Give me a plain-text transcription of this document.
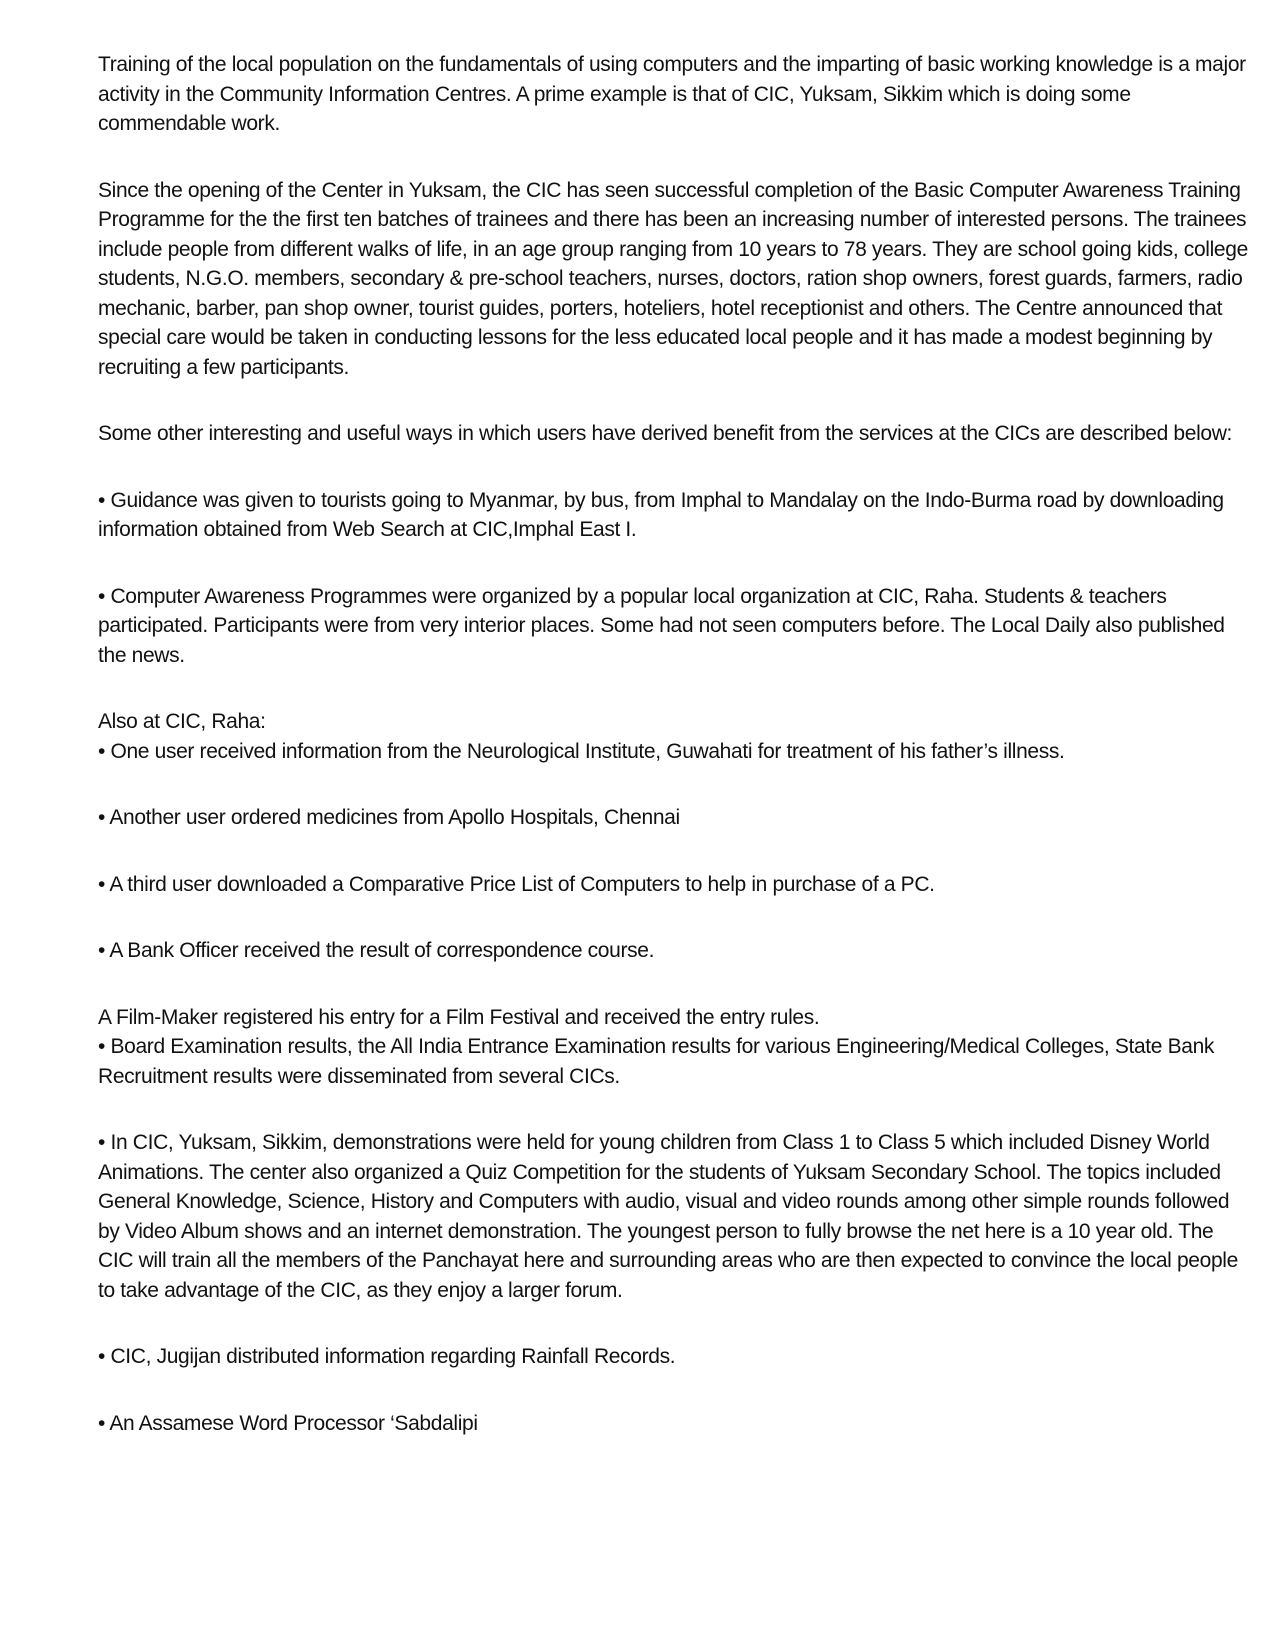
Training of the local population on the fundamentals of using computers and the imparting of basic working knowledge is a major activity in the Community Information Centres. A prime example is that of CIC, Yuksam, Sikkim which is doing some commendable work.

Since the opening of the Center in Yuksam, the CIC has seen successful completion of the Basic Computer Awareness Training Programme for the the first ten batches of trainees and there has been an increasing number of interested persons. The trainees include people from different walks of life, in an age group ranging from 10 years to 78 years. They are school going kids, college students, N.G.O. members, secondary & pre-school teachers, nurses, doctors, ration shop owners, forest guards, farmers, radio mechanic, barber, pan shop owner, tourist guides, porters, hoteliers, hotel receptionist and others. The Centre announced that special care would be taken in conducting lessons for the less educated local people and it has made a modest beginning by recruiting a few participants.

Some other interesting and useful ways in which users have derived benefit from the services at the CICs are described below:

• Guidance was given to tourists going to Myanmar, by bus, from Imphal to Mandalay on the Indo-Burma road by downloading information obtained from Web Search at CIC,Imphal East I.

• Computer Awareness Programmes were organized by a popular local organization at CIC, Raha. Students & teachers participated. Participants were from very interior places. Some had not seen computers before. The Local Daily also published the news.

Also at CIC, Raha:

• One user received information from the Neurological Institute, Guwahati for treatment of his father’s illness.

• Another user ordered medicines from Apollo Hospitals, Chennai

• A third user downloaded a Comparative Price List of Computers to help in purchase of a PC.

• A Bank Officer received the result of correspondence course.

A Film-Maker registered his entry for a Film Festival and received the entry rules.

• Board Examination results, the All India Entrance Examination results for various Engineering/Medical Colleges, State Bank Recruitment results were disseminated from several CICs.

• In CIC, Yuksam, Sikkim, demonstrations were held for young children from Class 1 to Class 5 which included Disney World Animations. The center also organized a Quiz Competition for the students of Yuksam Secondary School. The topics included General Knowledge, Science, History and Computers with audio, visual and video rounds among other simple rounds followed by Video Album shows and an internet demonstration. The youngest person to fully browse the net here is a 10 year old. The CIC will train all the members of the Panchayat here and surrounding areas who are then expected to convince the local people to take advantage of the CIC, as they enjoy a larger forum.

• CIC, Jugijan distributed information regarding Rainfall Records.

• An Assamese Word Processor ‘Sabdalipi
